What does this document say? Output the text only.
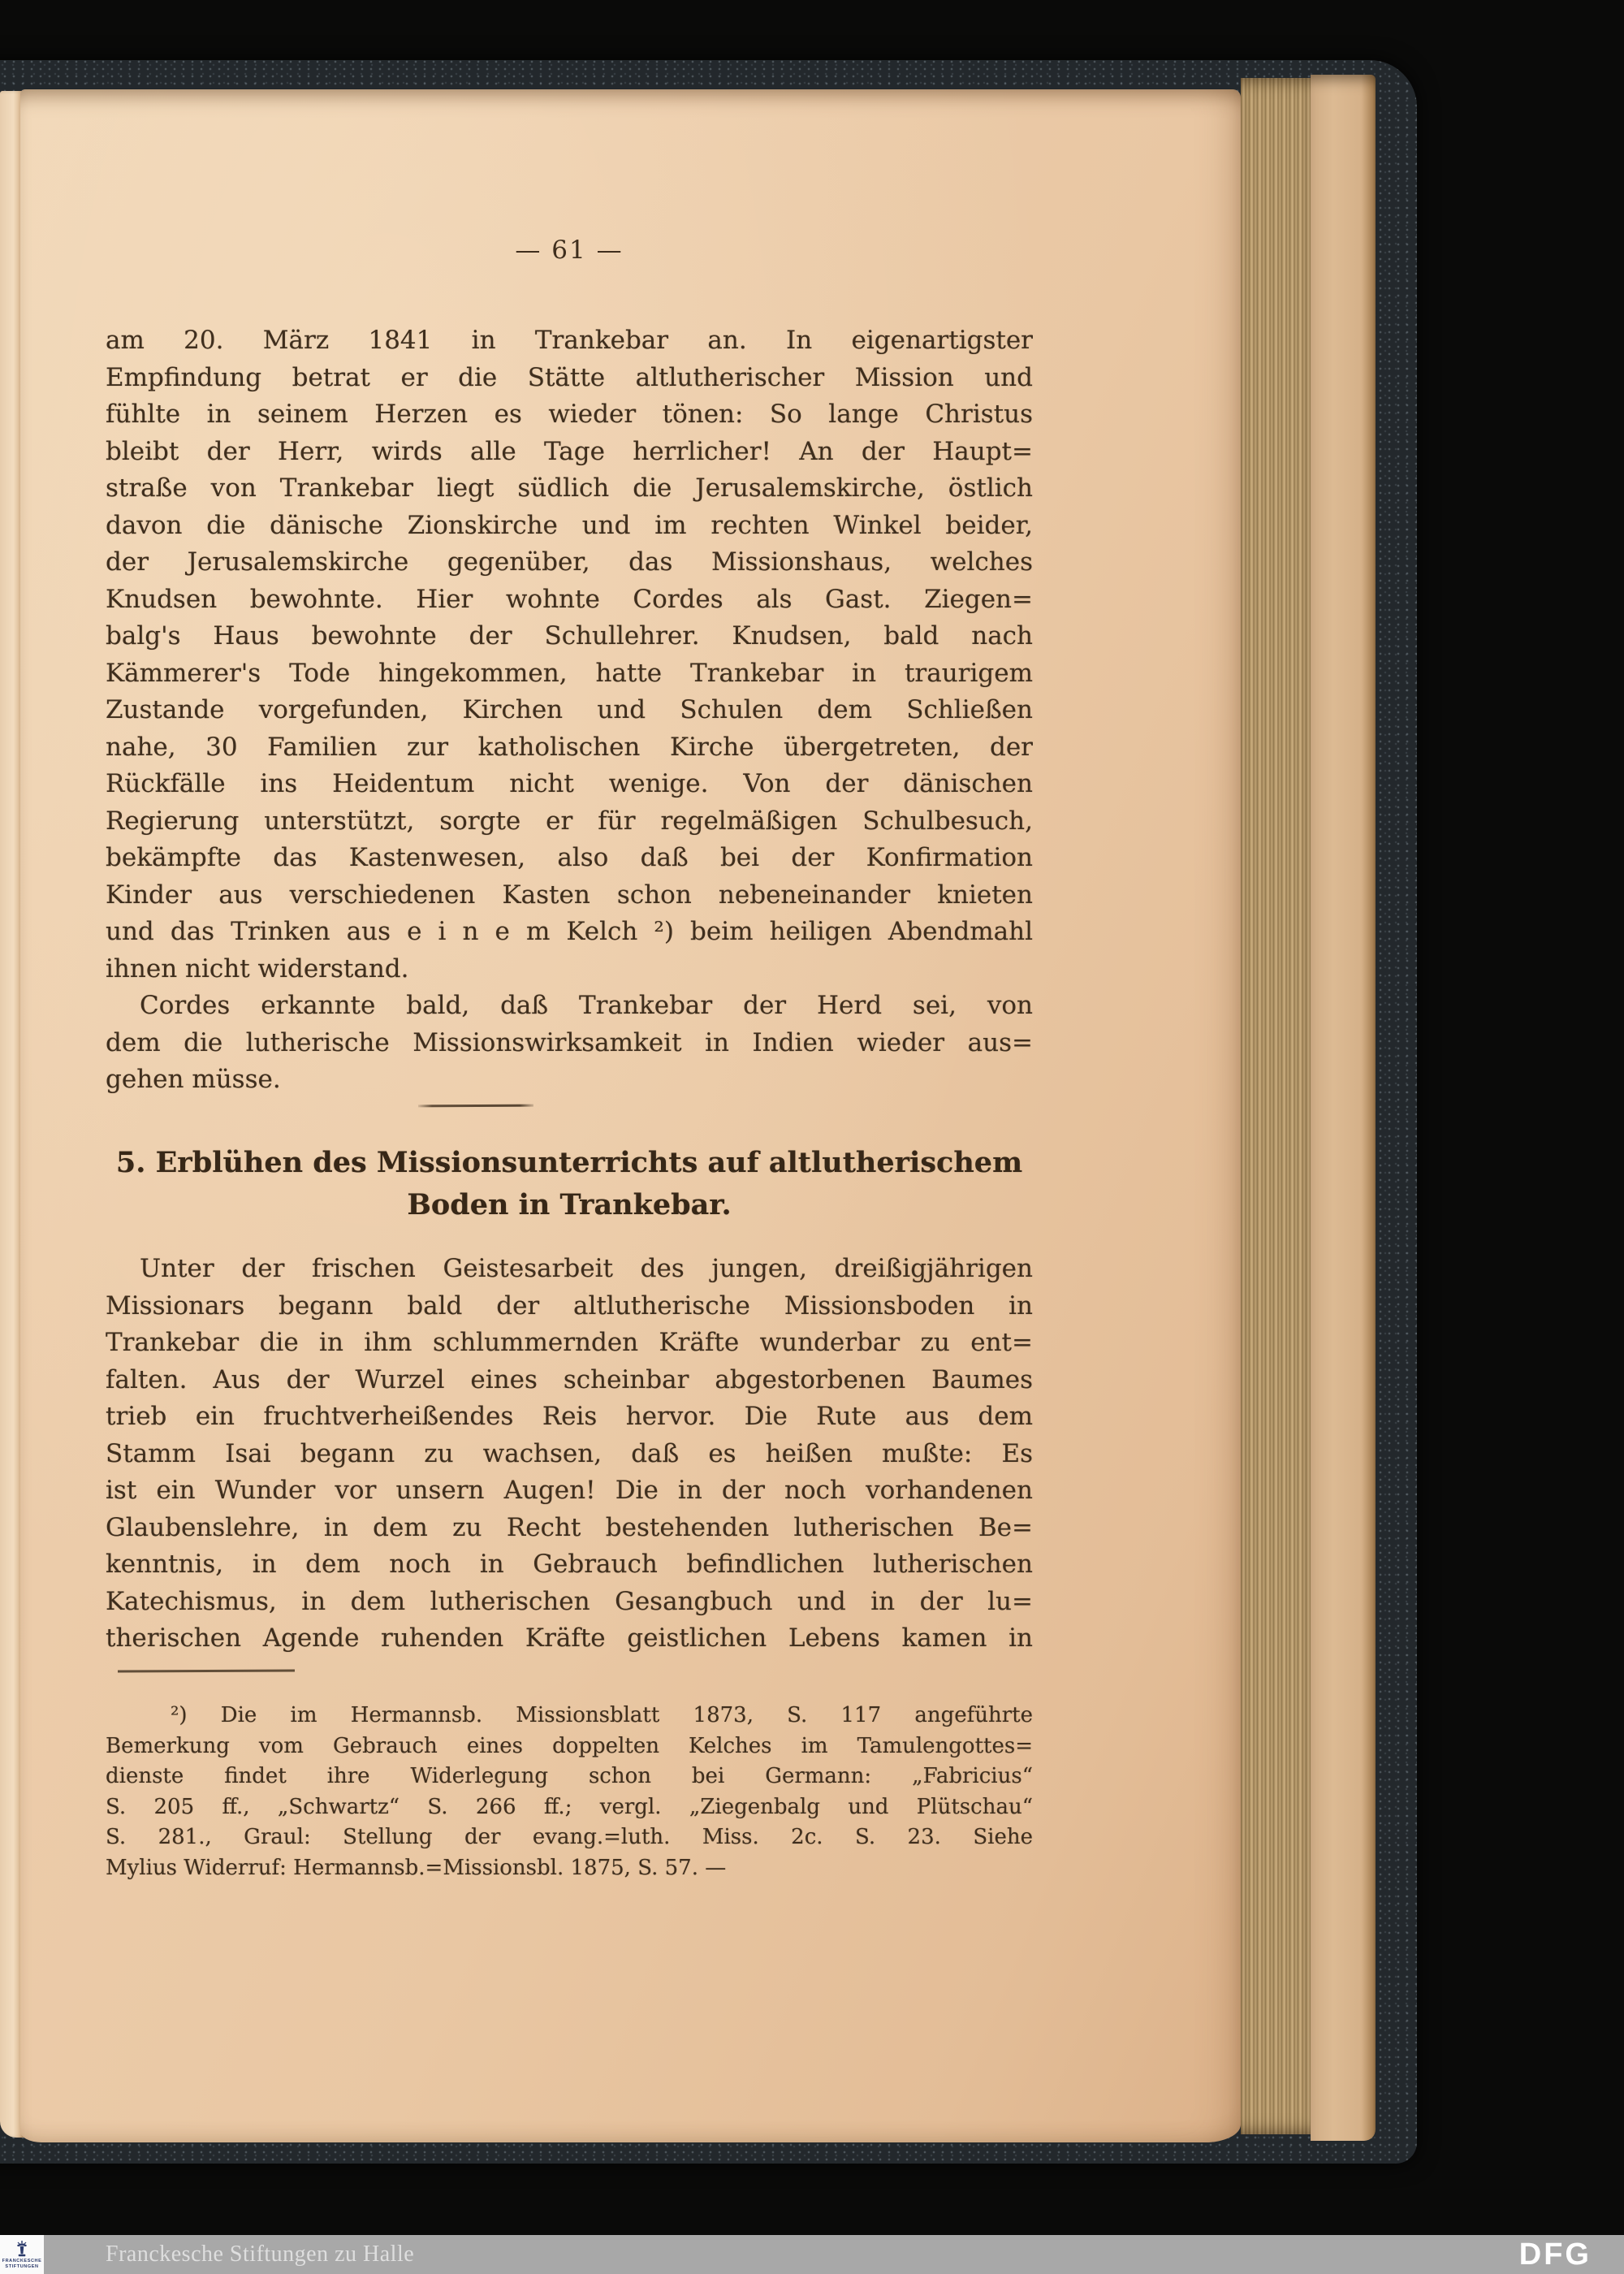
— 61 —
am 20. März 1841 in Trankebar an. In eigenartigster
Empfindung betrat er die Stätte altlutherischer Mission und
fühlte in seinem Herzen es wieder tönen: So lange Christus
bleibt der Herr, wirds alle Tage herrlicher! An der Haupt=
straße von Trankebar liegt südlich die Jerusalemskirche, östlich
davon die dänische Zionskirche und im rechten Winkel beider,
der Jerusalemskirche gegenüber, das Missionshaus, welches
Knudsen bewohnte. Hier wohnte Cordes als Gast. Ziegen=
balg's Haus bewohnte der Schullehrer. Knudsen, bald nach
Kämmerer's Tode hingekommen, hatte Trankebar in traurigem
Zustande vorgefunden, Kirchen und Schulen dem Schließen
nahe, 30 Familien zur katholischen Kirche übergetreten, der
Rückfälle ins Heidentum nicht wenige. Von der dänischen
Regierung unterstützt, sorgte er für regelmäßigen Schulbesuch,
bekämpfte das Kastenwesen, also daß bei der Konfirmation
Kinder aus verschiedenen Kasten schon nebeneinander knieten
und das Trinken aus e i n e m Kelch ²) beim heiligen Abendmahl
ihnen nicht widerstand.
Cordes erkannte bald, daß Trankebar der Herd sei, von
dem die lutherische Missionswirksamkeit in Indien wieder aus=
gehen müsse.
5. Erblühen des Missionsunterrichts auf altlutherischem
Boden in Trankebar.
Unter der frischen Geistesarbeit des jungen, dreißigjährigen
Missionars begann bald der altlutherische Missionsboden in
Trankebar die in ihm schlummernden Kräfte wunderbar zu ent=
falten. Aus der Wurzel eines scheinbar abgestorbenen Baumes
trieb ein fruchtverheißendes Reis hervor. Die Rute aus dem
Stamm Isai begann zu wachsen, daß es heißen mußte: Es
ist ein Wunder vor unsern Augen! Die in der noch vorhandenen
Glaubenslehre, in dem zu Recht bestehenden lutherischen Be=
kenntnis, in dem noch in Gebrauch befindlichen lutherischen
Katechismus, in dem lutherischen Gesangbuch und in der lu=
therischen Agende ruhenden Kräfte geistlichen Lebens kamen in
²) Die im Hermannsb. Missionsblatt 1873, S. 117 angeführte
Bemerkung vom Gebrauch eines doppelten Kelches im Tamulengottes=
dienste findet ihre Widerlegung schon bei Germann: „Fabricius“
S. 205 ff., „Schwartz“ S. 266 ff.; vergl. „Ziegenbalg und Plütschau“
S. 281., Graul: Stellung der evang.=luth. Miss. 2c. S. 23. Siehe
Mylius Widerruf: Hermannsb.=Missionsbl. 1875, S. 57. —
FRANCKESCHE
STIFTUNGEN	Franckesche Stiftungen zu Halle	DFG
